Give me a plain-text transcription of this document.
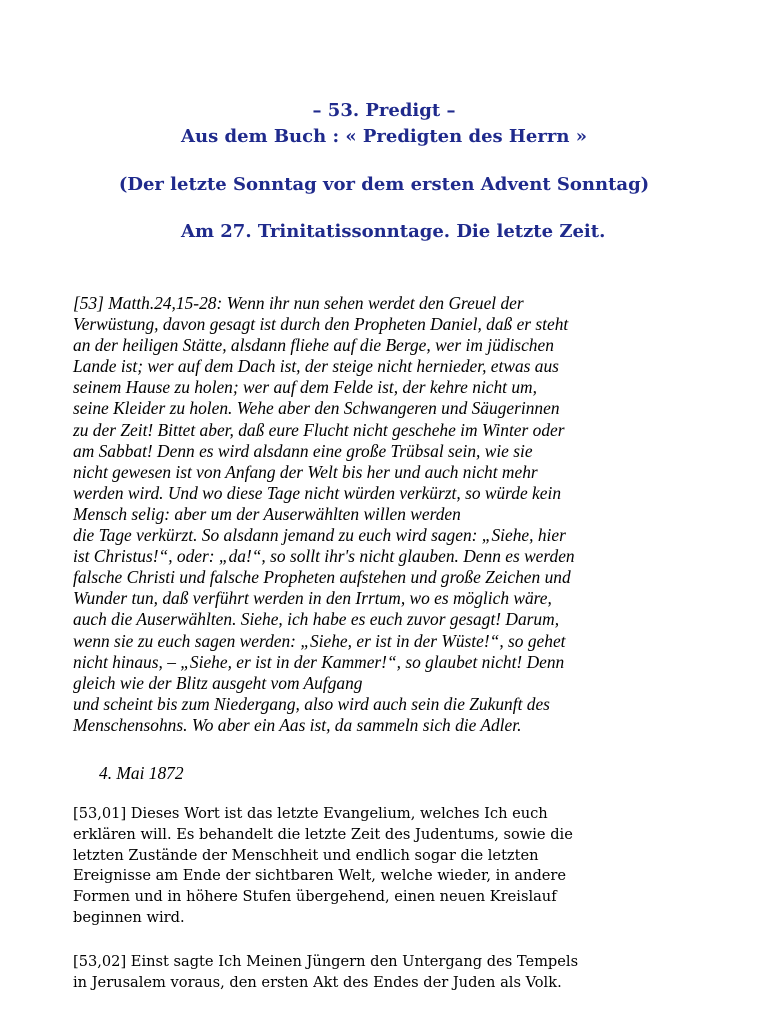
– 53. Predigt –
Aus dem Buch : « Predigten des Herrn »
(Der letzte Sonntag vor dem ersten Advent Sonntag)
Am 27. Trinitatissonntage. Die letzte Zeit.
[53] Matth.24,15-28: Wenn ihr nun sehen werdet den Greuel der
Verwüstung, davon gesagt ist durch den Propheten Daniel, daß er steht
an der heiligen Stätte, alsdann fliehe auf die Berge, wer im jüdischen
Lande ist; wer auf dem Dach ist, der steige nicht hernieder, etwas aus
seinem Hause zu holen; wer auf dem Felde ist, der kehre nicht um,
seine Kleider zu holen. Wehe aber den Schwangeren und Säugerinnen
zu der Zeit! Bittet aber, daß eure Flucht nicht geschehe im Winter oder
am Sabbat! Denn es wird alsdann eine große Trübsal sein, wie sie
nicht gewesen ist von Anfang der Welt bis her und auch nicht mehr
werden wird. Und wo diese Tage nicht würden verkürzt, so würde kein
Mensch selig: aber um der Auserwählten willen werden
die Tage verkürzt. So alsdann jemand zu euch wird sagen: „Siehe, hier
ist Christus!“, oder: „da!“, so sollt ihr's nicht glauben. Denn es werden
falsche Christi und falsche Propheten aufstehen und große Zeichen und
Wunder tun, daß verführt werden in den Irrtum, wo es möglich wäre,
auch die Auserwählten. Siehe, ich habe es euch zuvor gesagt! Darum,
wenn sie zu euch sagen werden: „Siehe, er ist in der Wüste!“, so gehet
nicht hinaus, – „Siehe, er ist in der Kammer!“, so glaubet nicht! Denn
gleich wie der Blitz ausgeht vom Aufgang
und scheint bis zum Niedergang, also wird auch sein die Zukunft des
Menschensohns. Wo aber ein Aas ist, da sammeln sich die Adler.
4. Mai 1872
[53,01] Dieses Wort ist das letzte Evangelium, welches Ich euch
erklären will. Es behandelt die letzte Zeit des Judentums, sowie die
letzten Zustände der Menschheit und endlich sogar die letzten
Ereignisse am Ende der sichtbaren Welt, welche wieder, in andere
Formen und in höhere Stufen übergehend, einen neuen Kreislauf
beginnen wird.
[53,02] Einst sagte Ich Meinen Jüngern den Untergang des Tempels
in Jerusalem voraus, den ersten Akt des Endes der Juden als Volk.
